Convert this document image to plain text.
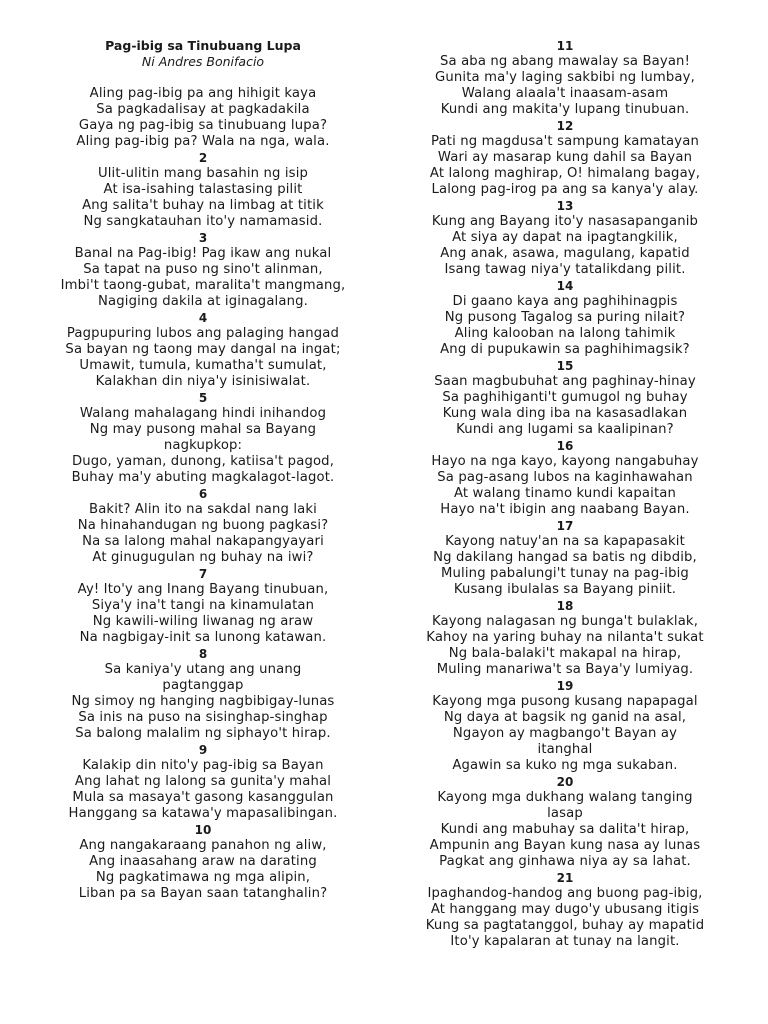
Pag-ibig sa Tinubuang Lupa
Ni Andres Bonifacio
Aling pag-ibig pa ang hihigit kaya
Sa pagkadalisay at pagkadakila
Gaya ng pag-ibig sa tinubuang lupa?
Aling pag-ibig pa? Wala na nga, wala.
2
Ulit-ulitin mang basahin ng isip
At isa-isahing talastasing pilit
Ang salita't buhay na limbag at titik
Ng sangkatauhan ito'y namamasid.
3
Banal na Pag-ibig! Pag ikaw ang nukal
Sa tapat na puso ng sino't alinman,
Imbi't taong-gubat, maralita't mangmang,
Nagiging dakila at iginagalang.
4
Pagpupuring lubos ang palaging hangad
Sa bayan ng taong may dangal na ingat;
Umawit, tumula, kumatha't sumulat,
Kalakhan din niya'y isinisiwalat.
5
Walang mahalagang hindi inihandog
Ng may pusong mahal sa Bayang
nagkupkop:
Dugo, yaman, dunong, katiisa't pagod,
Buhay ma'y abuting magkalagot-lagot.
6
Bakit? Alin ito na sakdal nang laki
Na hinahandugan ng buong pagkasi?
Na sa lalong mahal nakapangyayari
At ginugugulan ng buhay na iwi?
7
Ay! Ito'y ang Inang Bayang tinubuan,
Siya'y ina't tangi na kinamulatan
Ng kawili-wiling liwanag ng araw
Na nagbigay-init sa lunong katawan.
8
Sa kaniya'y utang ang unang
pagtanggap
Ng simoy ng hanging nagbibigay-lunas
Sa inis na puso na sisinghap-singhap
Sa balong malalim ng siphayo't hirap.
9
Kalakip din nito'y pag-ibig sa Bayan
Ang lahat ng lalong sa gunita'y mahal
Mula sa masaya't gasong kasanggulan
Hanggang sa katawa'y mapasalibingan.
10
Ang nangakaraang panahon ng aliw,
Ang inaasahang araw na darating
Ng pagkatimawa ng mga alipin,
Liban pa sa Bayan saan tatanghalin?
11
Sa aba ng abang mawalay sa Bayan!
Gunita ma'y laging sakbibi ng lumbay,
Walang alaala't inaasam-asam
Kundi ang makita'y lupang tinubuan.
12
Pati ng magdusa't sampung kamatayan
Wari ay masarap kung dahil sa Bayan
At lalong maghirap, O! himalang bagay,
Lalong pag-irog pa ang sa kanya'y alay.
13
Kung ang Bayang ito'y nasasapanganib
At siya ay dapat na ipagtangkilik,
Ang anak, asawa, magulang, kapatid
Isang tawag niya'y tatalikdang pilit.
14
Di gaano kaya ang paghihinagpis
Ng pusong Tagalog sa puring nilait?
Aling kalooban na lalong tahimik
Ang di pupukawin sa paghihimagsik?
15
Saan magbubuhat ang paghinay-hinay
Sa paghihiganti't gumugol ng buhay
Kung wala ding iba na kasasadlakan
Kundi ang lugami sa kaalipinan?
16
Hayo na nga kayo, kayong nangabuhay
Sa pag-asang lubos na kaginhawahan
At walang tinamo kundi kapaitan
Hayo na't ibigin ang naabang Bayan.
17
Kayong natuy'an na sa kapapasakit
Ng dakilang hangad sa batis ng dibdib,
Muling pabalungi't tunay na pag-ibig
Kusang ibulalas sa Bayang piniit.
18
Kayong nalagasan ng bunga't bulaklak,
Kahoy na yaring buhay na nilanta't sukat
Ng bala-balaki't makapal na hirap,
Muling manariwa't sa Baya'y lumiyag.
19
Kayong mga pusong kusang napapagal
Ng daya at bagsik ng ganid na asal,
Ngayon ay magbango't Bayan ay
itanghal
Agawin sa kuko ng mga sukaban.
20
Kayong mga dukhang walang tanging
lasap
Kundi ang mabuhay sa dalita't hirap,
Ampunin ang Bayan kung nasa ay lunas
Pagkat ang ginhawa niya ay sa lahat.
21
Ipaghandog-handog ang buong pag-ibig,
At hanggang may dugo'y ubusang itigis
Kung sa pagtatanggol, buhay ay mapatid
Ito'y kapalaran at tunay na langit.
